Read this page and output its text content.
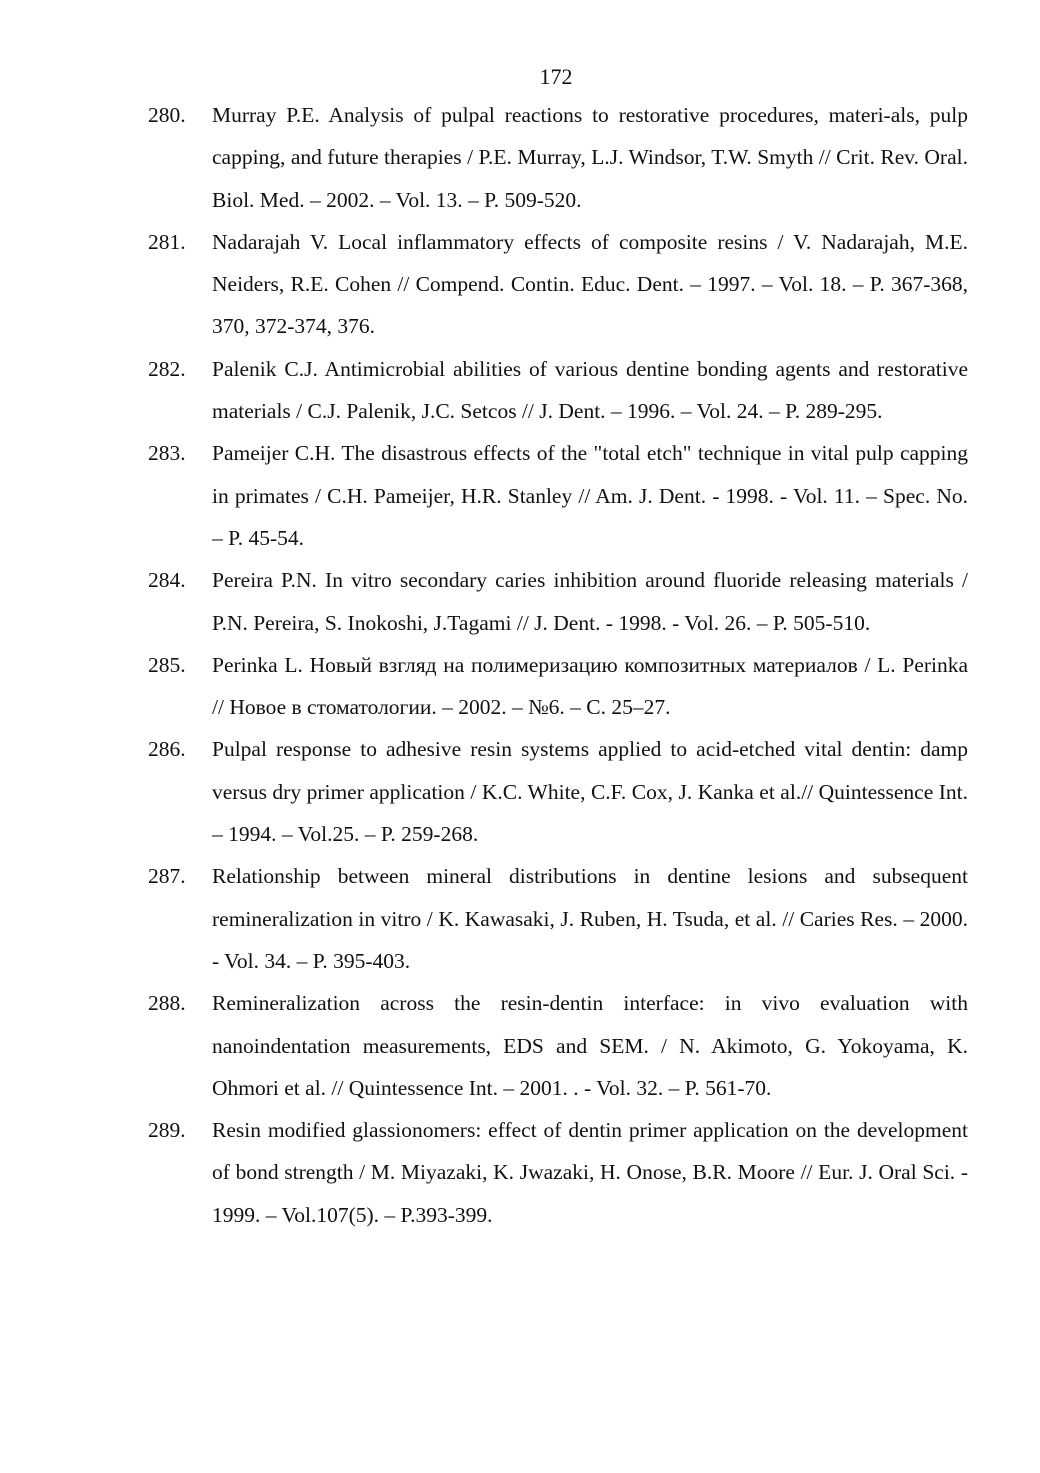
172
280. Murray P.E. Analysis of pulpal reactions to restorative procedures, materi-als, pulp capping, and future therapies / P.E. Murray, L.J. Windsor, T.W. Smyth // Crit. Rev. Oral. Biol. Med. – 2002. – Vol. 13. – P. 509-520.
281. Nadarajah V. Local inflammatory effects of composite resins / V. Nadarajah, M.E. Neiders, R.E. Cohen // Compend. Contin. Educ. Dent. – 1997. – Vol. 18. – P. 367-368, 370, 372-374, 376.
282. Palenik C.J. Antimicrobial abilities of various dentine bonding agents and restorative materials / C.J. Palenik, J.C. Setcos // J. Dent. – 1996. – Vol. 24. – P. 289-295.
283. Pameijer C.H. The disastrous effects of the "total etch" technique in vital pulp capping in primates / C.H. Pameijer, H.R. Stanley // Am. J. Dent. - 1998. - Vol. 11. – Spec. No. – P. 45-54.
284. Pereira P.N. In vitro secondary caries inhibition around fluoride releasing materials / P.N. Pereira, S. Inokoshi, J.Tagami // J. Dent. - 1998. - Vol. 26. – P. 505-510.
285. Perinka L. Новый взгляд на полимеризацию композитных материалов / L. Perinka // Новое в стоматологии. – 2002. – №6. – С. 25–27.
286. Pulpal response to adhesive resin systems applied to acid-etched vital dentin: damp versus dry primer application / K.C. White, C.F. Cox, J. Kanka et al.// Quintessence Int. – 1994. – Vol.25. – P. 259-268.
287. Relationship between mineral distributions in dentine lesions and subsequent remineralization in vitro / K. Kawasaki, J. Ruben, H. Tsuda, et al. // Caries Res. – 2000. - Vol. 34. – P. 395-403.
288. Remineralization across the resin-dentin interface: in vivo evaluation with nanoindentation measurements, EDS and SEM. / N. Akimoto, G. Yokoyama, K. Ohmori et al. // Quintessence Int. – 2001. . - Vol. 32. – P. 561-70.
289. Resin modified glassionomers: effect of dentin primer application on the development of bond strength / M. Miyazaki, K. Jwazaki, H. Onose, B.R. Moore // Eur. J. Oral Sci. - 1999. – Vol.107(5). – P.393-399.
